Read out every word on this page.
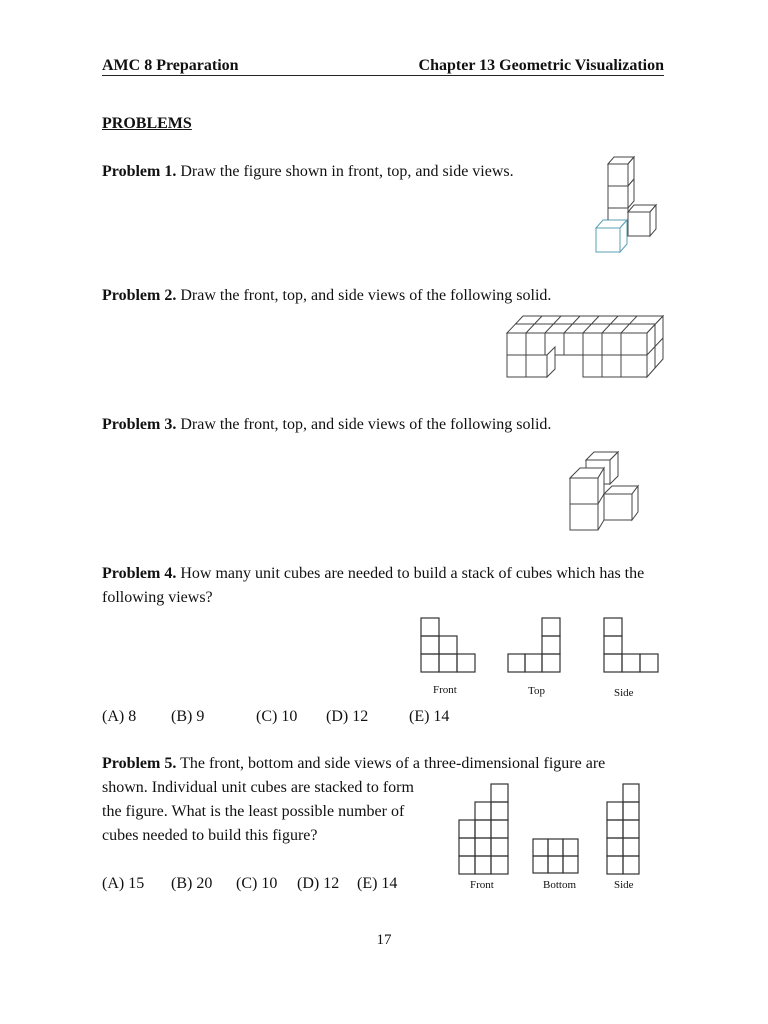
AMC 8 Preparation	Chapter 13 Geometric Visualization
PROBLEMS
Problem 1. Draw the figure shown in front, top, and side views.
Problem 2. Draw the front, top, and side views of the following solid.
Problem 3. Draw the front, top, and side views of the following solid.
Problem 4. How many unit cubes are needed to build a stack of cubes which has the following views?
Front	Top	Side
(A) 8 (B) 9	(C) 10 (D) 12	(E) 14
Problem 5. The front, bottom and side views of a three-dimensional figure are
shown. Individual unit cubes are stacked to form
the figure. What is the least possible number of
cubes needed to build this figure?
Front	Bottom	Side
(A) 15 (B) 20 (C) 10 (D) 12 (E) 14
17
